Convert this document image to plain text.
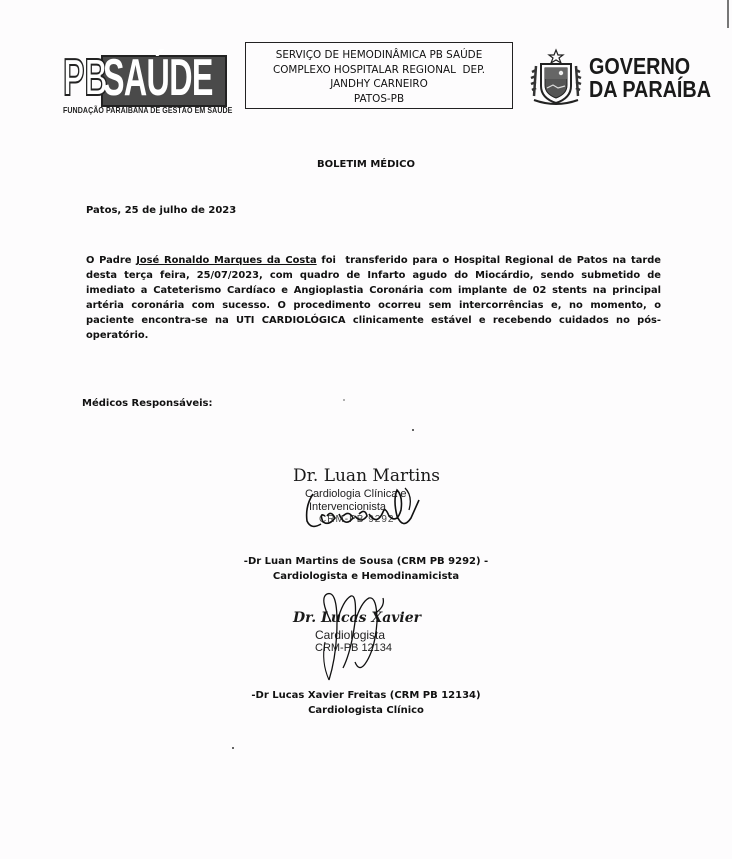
PB
SAÚDE
FUNDAÇÃO PARAIBANA DE GESTÃO EM SAÚDE
SERVIÇO DE HEMODINÂMICA PB SAÚDE
COMPLEXO HOSPITALAR REGIONAL  DEP.
JANDHY CARNEIRO
PATOS-PB
GOVERNO
DA PARAÍBA
BOLETIM MÉDICO
Patos, 25 de julho de 2023
O Padre José Ronaldo Marques da Costa foi  transferido para o Hospital Regional de Patos na tarde desta terça feira, 25/07/2023, com quadro de Infarto agudo do Miocárdio, sendo submetido de imediato a Cateterismo Cardíaco e Angioplastia Coronária com implante de 02 stents na principal artéria coronária com sucesso. O procedimento ocorreu sem intercorrências e, no momento, o paciente encontra-se na UTI CARDIOLÓGICA clinicamente estável e recebendo cuidados no pós-operatório.
Médicos Responsáveis:
Dr. Luan Martins
Cardiologia Clínica e
Intervencionista
CRM-PB 9292
-Dr Luan Martins de Sousa (CRM PB 9292) -
Cardiologista e Hemodinamicista
Dr. Lucas Xavier
Cardiologista
CRM-PB 12134
-Dr Lucas Xavier Freitas (CRM PB 12134)
Cardiologista Clínico
